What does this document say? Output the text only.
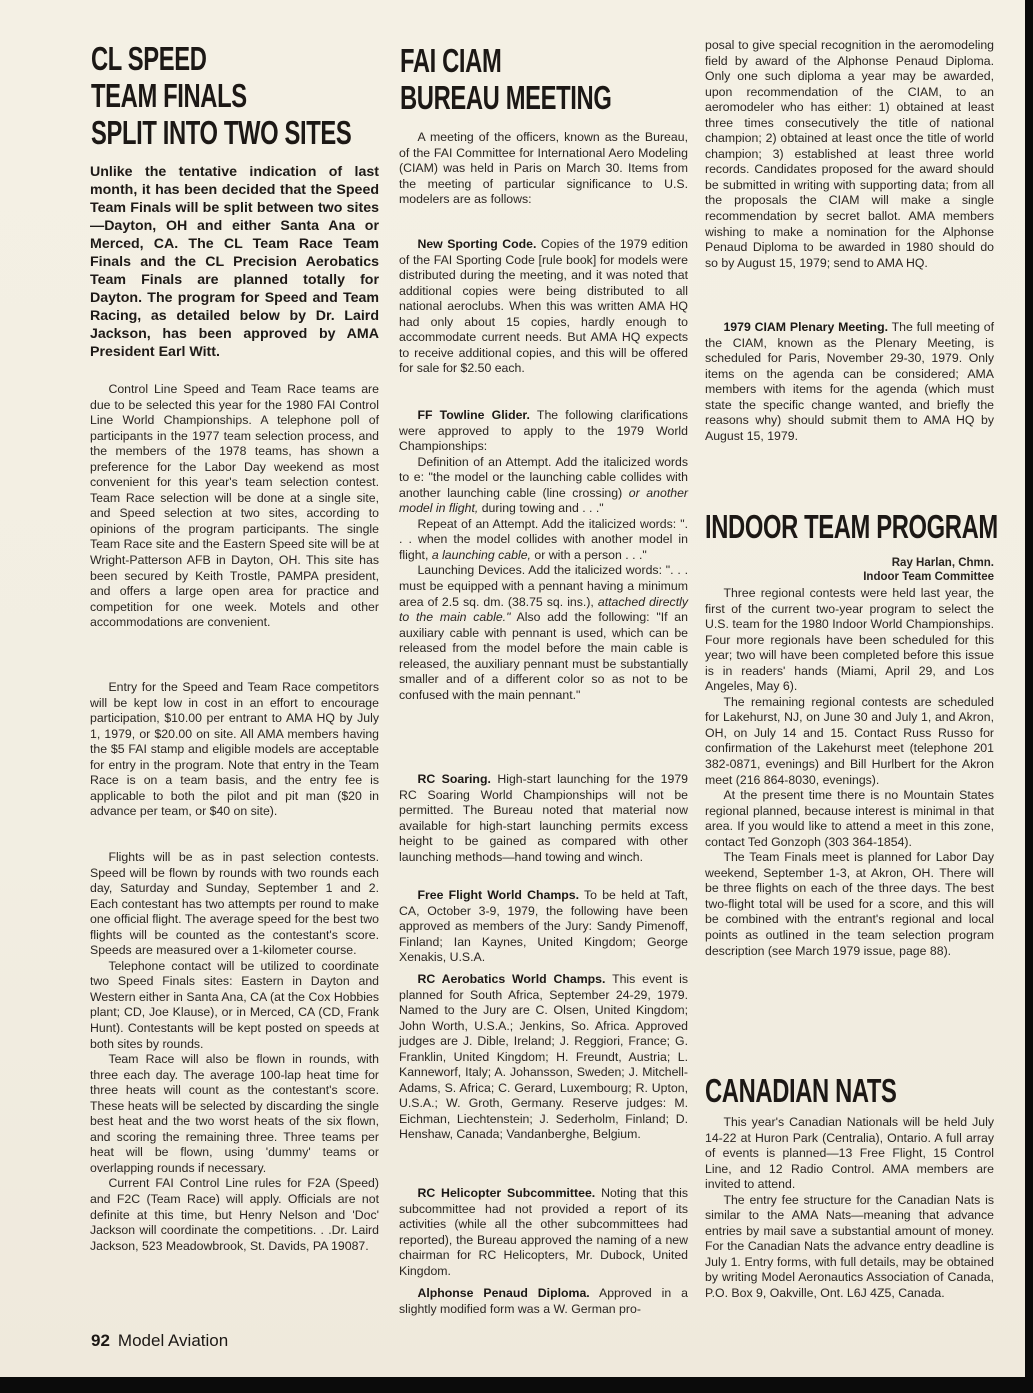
CL SPEED
TEAM FINALS
SPLIT INTO TWO SITES
Unlike the tentative indication of last month, it has been decided that the Speed Team Finals will be split between two sites—Dayton, OH and either Santa Ana or Merced, CA. The CL Team Race Team Finals and the CL Precision Aerobatics Team Finals are planned totally for Dayton. The program for Speed and Team Racing, as detailed below by Dr. Laird Jackson, has been approved by AMA President Earl Witt.

Control Line Speed and Team Race teams are due to be selected this year for the 1980 FAI Control Line World Championships. A telephone poll of participants in the 1977 team selection process, and the members of the 1978 teams, has shown a preference for the Labor Day weekend as most convenient for this year's team selection contest. Team Race selection will be done at a single site, and Speed selection at two sites, according to opinions of the program participants. The single Team Race site and the Eastern Speed site will be at Wright-Patterson AFB in Dayton, OH. This site has been secured by Keith Trostle, PAMPA president, and offers a large open area for practice and competition for one week. Motels and other accommodations are convenient.

Entry for the Speed and Team Race competitors will be kept low in cost in an effort to encourage participation, $10.00 per entrant to AMA HQ by July 1, 1979, or $20.00 on site. All AMA members having the $5 FAI stamp and eligible models are acceptable for entry in the program. Note that entry in the Team Race is on a team basis, and the entry fee is applicable to both the pilot and pit man ($20 in advance per team, or $40 on site).

Flights will be as in past selection contests. Speed will be flown by rounds with two rounds each day, Saturday and Sunday, September 1 and 2. Each contestant has two attempts per round to make one official flight. The average speed for the best two flights will be counted as the contestant's score. Speeds are measured over a 1-kilometer course.

Telephone contact will be utilized to coordinate two Speed Finals sites: Eastern in Dayton and Western either in Santa Ana, CA (at the Cox Hobbies plant; CD, Joe Klause), or in Merced, CA (CD, Frank Hunt). Contestants will be kept posted on speeds at both sites by rounds.

Team Race will also be flown in rounds, with three each day. The average 100-lap heat time for three heats will count as the contestant's score. These heats will be selected by discarding the single best heat and the two worst heats of the six flown, and scoring the remaining three. Three teams per heat will be flown, using 'dummy' teams or overlapping rounds if necessary.

Current FAI Control Line rules for F2A (Speed) and F2C (Team Race) will apply. Officials are not definite at this time, but Henry Nelson and 'Doc' Jackson will coordinate the competitions. . .Dr. Laird Jackson, 523 Meadowbrook, St. Davids, PA 19087.

FAI CIAM
BUREAU MEETING

A meeting of the officers, known as the Bureau, of the FAI Committee for International Aero Modeling (CIAM) was held in Paris on March 30. Items from the meeting of particular significance to U.S. modelers are as follows:

New Sporting Code. Copies of the 1979 edition of the FAI Sporting Code [rule book] for models were distributed during the meeting, and it was noted that additional copies were being distributed to all national aeroclubs. When this was written AMA HQ had only about 15 copies, hardly enough to accommodate current needs. But AMA HQ expects to receive additional copies, and this will be offered for sale for $2.50 each.

FF Towline Glider. The following clarifications were approved to apply to the 1979 World Championships:

Definition of an Attempt. Add the italicized words to e: "the model or the launching cable collides with another launching cable (line crossing) or another model in flight, during towing and . . ."

Repeat of an Attempt. Add the italicized words: ". . . when the model collides with another model in flight, a launching cable, or with a person . . ."

Launching Devices. Add the italicized words: ". . . must be equipped with a pennant having a minimum area of 2.5 sq. dm. (38.75 sq. ins.), attached directly to the main cable." Also add the following: "If an auxiliary cable with pennant is used, which can be released from the model before the main cable is released, the auxiliary pennant must be substantially smaller and of a different color so as not to be confused with the main pennant."

RC Soaring. High-start launching for the 1979 RC Soaring World Championships will not be permitted. The Bureau noted that material now available for high-start launching permits excess height to be gained as compared with other launching methods—hand towing and winch.

Free Flight World Champs. To be held at Taft, CA, October 3-9, 1979, the following have been approved as members of the Jury: Sandy Pimenoff, Finland; Ian Kaynes, United Kingdom; George Xenakis, U.S.A.

RC Aerobatics World Champs. This event is planned for South Africa, September 24-29, 1979. Named to the Jury are C. Olsen, United Kingdom; John Worth, U.S.A.; Jenkins, So. Africa. Approved judges are J. Dible, Ireland; J. Reggiori, France; G. Franklin, United Kingdom; H. Freundt, Austria; L. Kanneworf, Italy; A. Johansson, Sweden; J. Mitchell-Adams, S. Africa; C. Gerard, Luxembourg; R. Upton, U.S.A.; W. Groth, Germany. Reserve judges: M. Eichman, Liechtenstein; J. Sederholm, Finland; D. Henshaw, Canada; Vandanberghe, Belgium.

RC Helicopter Subcommittee. Noting that this subcommittee had not provided a report of its activities (while all the other subcommittees had reported), the Bureau approved the naming of a new chairman for RC Helicopters, Mr. Dubock, United Kingdom.

Alphonse Penaud Diploma. Approved in a slightly modified form was a W. German pro-

posal to give special recognition in the aeromodeling field by award of the Alphonse Penaud Diploma. Only one such diploma a year may be awarded, upon recommendation of the CIAM, to an aeromodeler who has either: 1) obtained at least three times consecutively the title of national champion; 2) obtained at least once the title of world champion; 3) established at least three world records. Candidates proposed for the award should be submitted in writing with supporting data; from all the proposals the CIAM will make a single recommendation by secret ballot. AMA members wishing to make a nomination for the Alphonse Penaud Diploma to be awarded in 1980 should do so by August 15, 1979; send to AMA HQ.

1979 CIAM Plenary Meeting. The full meeting of the CIAM, known as the Plenary Meeting, is scheduled for Paris, November 29-30, 1979. Only items on the agenda can be considered; AMA members with items for the agenda (which must state the specific change wanted, and briefly the reasons why) should submit them to AMA HQ by August 15, 1979.

INDOOR TEAM PROGRAM
Ray Harlan, Chmn.
Indoor Team Committee

Three regional contests were held last year, the first of the current two-year program to select the U.S. team for the 1980 Indoor World Championships. Four more regionals have been scheduled for this year; two will have been completed before this issue is in readers' hands (Miami, April 29, and Los Angeles, May 6).

The remaining regional contests are scheduled for Lakehurst, NJ, on June 30 and July 1, and Akron, OH, on July 14 and 15. Contact Russ Russo for confirmation of the Lakehurst meet (telephone 201 382-0871, evenings) and Bill Hurlbert for the Akron meet (216 864-8030, evenings).

At the present time there is no Mountain States regional planned, because interest is minimal in that area. If you would like to attend a meet in this zone, contact Ted Gonzoph (303 364-1854).

The Team Finals meet is planned for Labor Day weekend, September 1-3, at Akron, OH. There will be three flights on each of the three days. The best two-flight total will be used for a score, and this will be combined with the entrant's regional and local points as outlined in the team selection program description (see March 1979 issue, page 88).

CANADIAN NATS

This year's Canadian Nationals will be held July 14-22 at Huron Park (Centralia), Ontario. A full array of events is planned—13 Free Flight, 15 Control Line, and 12 Radio Control. AMA members are invited to attend.

The entry fee structure for the Canadian Nats is similar to the AMA Nats—meaning that advance entries by mail save a substantial amount of money. For the Canadian Nats the advance entry deadline is July 1. Entry forms, with full details, may be obtained by writing Model Aeronautics Association of Canada, P.O. Box 9, Oakville, Ont. L6J 4Z5, Canada.

92 Model Aviation
